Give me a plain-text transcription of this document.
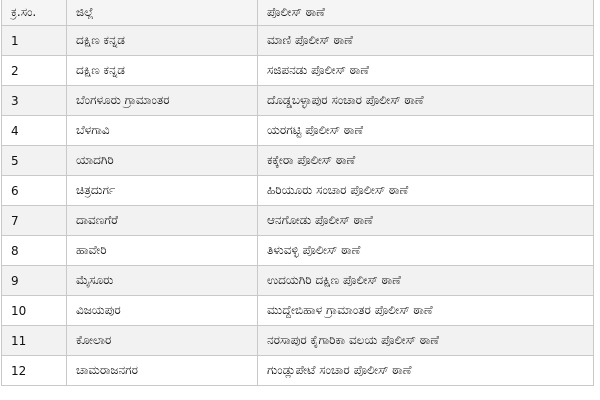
ಕ್ರ.ಸಂ.	ಜಿಲ್ಲೆ	ಪೊಲೀಸ್ ಠಾಣೆ
1	ದಕ್ಷಿಣ ಕನ್ನಡ	ಮಾಣಿ ಪೊಲೀಸ್ ಠಾಣೆ
2	ದಕ್ಷಿಣ ಕನ್ನಡ	ಸಜಿಪನಡು ಪೊಲೀಸ್ ಠಾಣೆ
3	ಬೆಂಗಳೂರು ಗ್ರಾಮಾಂತರ	ದೊಡ್ಡಬಳ್ಳಾಪುರ ಸಂಚಾರ ಪೊಲೀಸ್ ಠಾಣೆ
4	ಬೆಳಗಾವಿ	ಯರಗಟ್ಟಿ ಪೊಲೀಸ್ ಠಾಣೆ
5	ಯಾದಗಿರಿ	ಕಕ್ಕೇರಾ ಪೊಲೀಸ್ ಠಾಣೆ
6	ಚಿತ್ರದುರ್ಗ	ಹಿರಿಯೂರು ಸಂಚಾರ ಪೊಲೀಸ್ ಠಾಣೆ
7	ದಾವಣಗೆರೆ	ಆನಗೋಡು ಪೊಲೀಸ್ ಠಾಣೆ
8	ಹಾವೇರಿ	ತಿಳುವಳ್ಳಿ ಪೊಲೀಸ್ ಠಾಣೆ
9	ಮೈಸೂರು	ಉದಯಗಿರಿ ದಕ್ಷಿಣ ಪೊಲೀಸ್ ಠಾಣೆ
10	ವಿಜಯಪುರ	ಮುದ್ದೇಬಿಹಾಳ ಗ್ರಾಮಾಂತರ ಪೊಲೀಸ್ ಠಾಣೆ
11	ಕೋಲಾರ	ನರಸಾಪುರ ಕೈಗಾರಿಕಾ ವಲಯ ಪೊಲೀಸ್ ಠಾಣೆ
12	ಚಾಮರಾಜನಗರ	ಗುಂಡ್ಲುಪೇಟೆ ಸಂಚಾರ ಪೊಲೀಸ್ ಠಾಣೆ
